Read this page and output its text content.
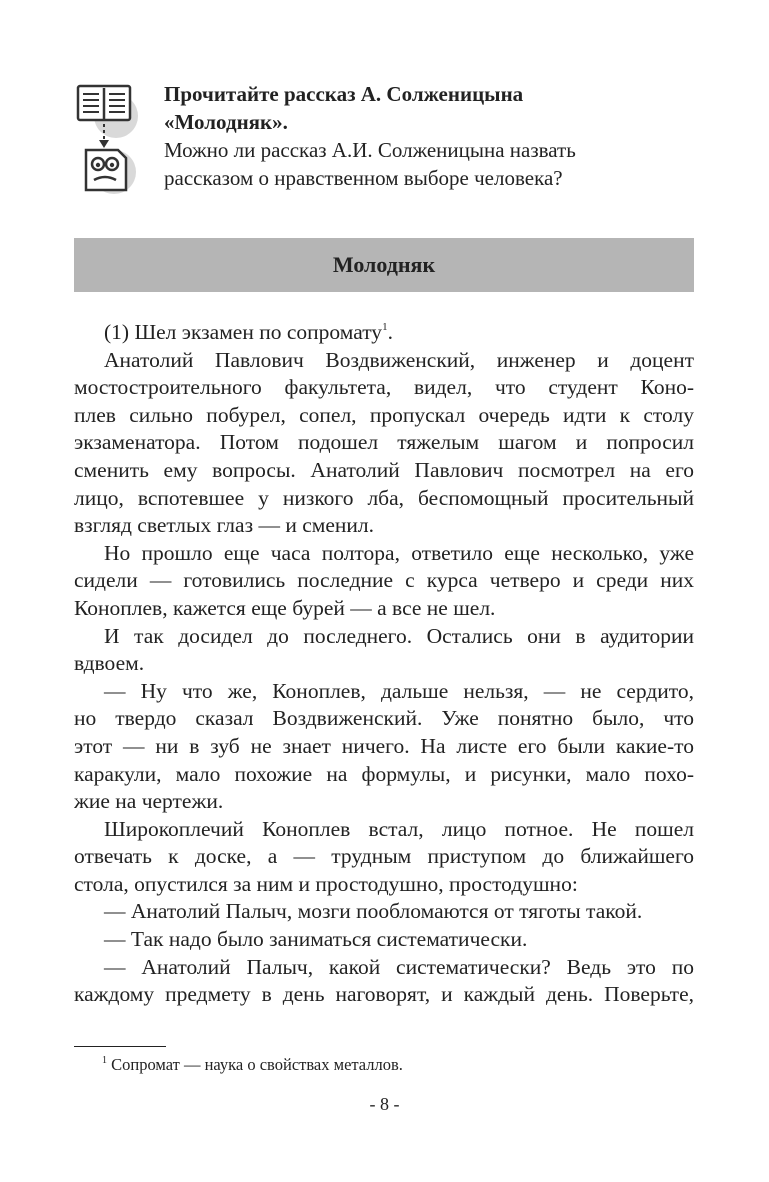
Прочитайте рассказ А. Солженицына
«Молодняк».
Можно ли рассказ А.И. Солженицына назвать
рассказом о нравственном выборе человека?
Молодняк
(1) Шел экзамен по сопромату$^1$.
Анатолий Павлович Воздвиженский, инженер и доцент
мостостроительного факультета, видел, что студент Коно-
плев сильно побурел, сопел, пропускал очередь идти к столу
экзаменатора. Потом подошел тяжелым шагом и попросил
сменить ему вопросы. Анатолий Павлович посмотрел на его
лицо, вспотевшее у низкого лба, беспомощный просительный
взгляд светлых глаз — и сменил.
Но прошло еще часа полтора, ответило еще несколько, уже
сидели — готовились последние с курса четверо и среди них
Коноплев, кажется еще бурей — а все не шел.
И так досидел до последнего. Остались они в аудитории
вдвоем.
— Ну что же, Коноплев, дальше нельзя, — не сердито,
но твердо сказал Воздвиженский. Уже понятно было, что
этот — ни в зуб не знает ничего. На листе его были какие-то
каракули, мало похожие на формулы, и рисунки, мало похо-
жие на чертежи.
Широкоплечий Коноплев встал, лицо потное. Не пошел
отвечать к доске, а — трудным приступом до ближайшего
стола, опустился за ним и простодушно, простодушно:
— Анатолий Палыч, мозги пообломаются от тяготы такой.
— Так надо было заниматься систематически.
— Анатолий Палыч, какой систематически? Ведь это по
каждому предмету в день наговорят, и каждый день. Поверьте,
$^1$ Сопромат — наука о свойствах металлов.
- 8 -
